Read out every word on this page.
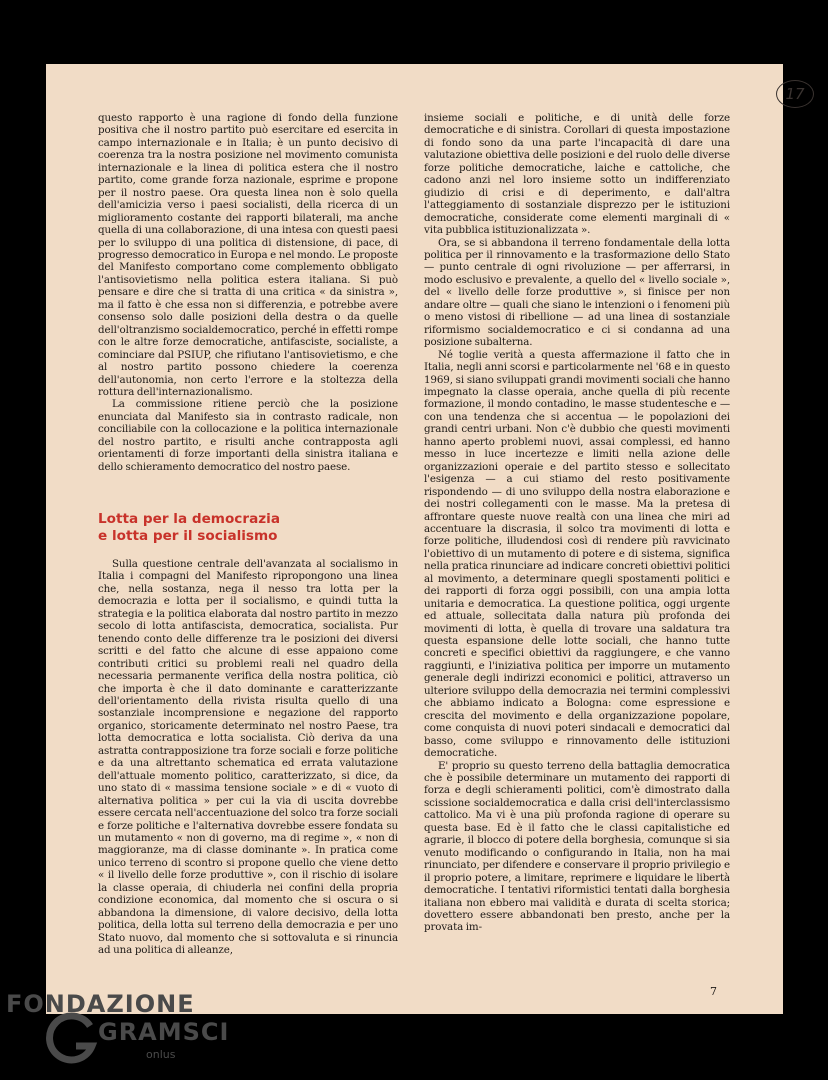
17

questo rapporto è una ragione di fondo della funzione positiva che il nostro partito può esercitare ed esercita in campo internazionale e in Italia; è un punto decisivo di coerenza tra la nostra posizione nel movimento comunista internazionale e la linea di politica estera che il nostro partito, come grande forza nazionale, esprime e propone per il nostro paese. Ora questa linea non è solo quella dell'amicizia verso i paesi socialisti, della ricerca di un miglioramento costante dei rapporti bilaterali, ma anche quella di una collaborazione, di una intesa con questi paesi per lo sviluppo di una politica di distensione, di pace, di progresso democratico in Europa e nel mondo. Le proposte del Manifesto comportano come complemento obbligato l'antisovietismo nella politica estera italiana. Si può pensare e dire che si tratta di una critica « da sinistra », ma il fatto è che essa non si differenzia, e potrebbe avere consenso solo dalle posizioni della destra o da quelle dell'oltranzismo socialdemocratico, perché in effetti rompe con le altre forze democratiche, antifasciste, socialiste, a cominciare dal PSIUP, che rifiutano l'antisovietismo, e che al nostro partito possono chiedere la coerenza dell'autonomia, non certo l'errore e la stoltezza della rottura dell'internazionalismo.

La commissione ritiene perciò che la posizione enunciata dal Manifesto sia in contrasto radicale, non conciliabile con la collocazione e la politica internazionale del nostro partito, e risulti anche contrapposta agli orientamenti di forze importanti della sinistra italiana e dello schieramento democratico del nostro paese.

Lotta per la democrazia
e lotta per il socialismo

Sulla questione centrale dell'avanzata al socialismo in Italia i compagni del Manifesto ripropongono una linea che, nella sostanza, nega il nesso tra lotta per la democrazia e lotta per il socialismo, e quindi tutta la strategia e la politica elaborata dal nostro partito in mezzo secolo di lotta antifascista, democratica, socialista. Pur tenendo conto delle differenze tra le posizioni dei diversi scritti e del fatto che alcune di esse appaiono come contributi critici su problemi reali nel quadro della necessaria permanente verifica della nostra politica, ciò che importa è che il dato dominante e caratterizzante dell'orientamento della rivista risulta quello di una sostanziale incomprensione e negazione del rapporto organico, storicamente determinato nel nostro Paese, tra lotta democratica e lotta socialista. Ciò deriva da una astratta contrapposizione tra forze sociali e forze politiche e da una altrettanto schematica ed errata valutazione dell'attuale momento politico, caratterizzato, si dice, da uno stato di « massima tensione sociale » e di « vuoto di alternativa politica » per cui la via di uscita dovrebbe essere cercata nell'accentuazione del solco tra forze sociali e forze politiche e l'alternativa dovrebbe essere fondata su un mutamento « non di governo, ma di regime », « non di maggioranze, ma di classe dominante ». In pratica come unico terreno di scontro si propone quello che viene detto « il livello delle forze produttive », con il rischio di isolare la classe operaia, di chiuderla nei confini della propria condizione economica, dal momento che si oscura o si abbandona la dimensione, di valore decisivo, della lotta politica, della lotta sul terreno della democrazia e per uno Stato nuovo, dal momento che si sottovaluta e si rinuncia ad una politica di alleanze,

insieme sociali e politiche, e di unità delle forze democratiche e di sinistra. Corollari di questa impostazione di fondo sono da una parte l'incapacità di dare una valutazione obiettiva delle posizioni e del ruolo delle diverse forze politiche democratiche, laiche e cattoliche, che cadono anzi nel loro insieme sotto un indifferenziato giudizio di crisi e di deperimento, e dall'altra l'atteggiamento di sostanziale disprezzo per le istituzioni democratiche, considerate come elementi marginali di « vita pubblica istituzionalizzata ».

Ora, se si abbandona il terreno fondamentale della lotta politica per il rinnovamento e la trasformazione dello Stato — punto centrale di ogni rivoluzione — per afferrarsi, in modo esclusivo e prevalente, a quello del « livello sociale », del « livello delle forze produttive », si finisce per non andare oltre — quali che siano le intenzioni o i fenomeni più o meno vistosi di ribellione — ad una linea di sostanziale riformismo socialdemocratico e ci si condanna ad una posizione subalterna.

Né toglie verità a questa affermazione il fatto che in Italia, negli anni scorsi e particolarmente nel '68 e in questo 1969, si siano sviluppati grandi movimenti sociali che hanno impegnato la classe operaia, anche quella di più recente formazione, il mondo contadino, le masse studentesche e — con una tendenza che si accentua — le popolazioni dei grandi centri urbani. Non c'è dubbio che questi movimenti hanno aperto problemi nuovi, assai complessi, ed hanno messo in luce incertezze e limiti nella azione delle organizzazioni operaie e del partito stesso e sollecitato l'esigenza — a cui stiamo del resto positivamente rispondendo — di uno sviluppo della nostra elaborazione e dei nostri collegamenti con le masse. Ma la pretesa di affrontare queste nuove realtà con una linea che miri ad accentuare la discrasia, il solco tra movimenti di lotta e forze politiche, illudendosi così di rendere più ravvicinato l'obiettivo di un mutamento di potere e di sistema, significa nella pratica rinunciare ad indicare concreti obiettivi politici al movimento, a determinare quegli spostamenti politici e dei rapporti di forza oggi possibili, con una ampia lotta unitaria e democratica. La questione politica, oggi urgente ed attuale, sollecitata dalla natura più profonda dei movimenti di lotta, è quella di trovare una saldatura tra questa espansione delle lotte sociali, che hanno tutte concreti e specifici obiettivi da raggiungere, e che vanno raggiunti, e l'iniziativa politica per imporre un mutamento generale degli indirizzi economici e politici, attraverso un ulteriore sviluppo della democrazia nei termini complessivi che abbiamo indicato a Bologna: come espressione e crescita del movimento e della organizzazione popolare, come conquista di nuovi poteri sindacali e democratici dal basso, come sviluppo e rinnovamento delle istituzioni democratiche.

E' proprio su questo terreno della battaglia democratica che è possibile determinare un mutamento dei rapporti di forza e degli schieramenti politici, com'è dimostrato dalla scissione socialdemocratica e dalla crisi dell'interclassismo cattolico. Ma vi è una più profonda ragione di operare su questa base. Ed è il fatto che le classi capitalistiche ed agrarie, il blocco di potere della borghesia, comunque si sia venuto modificando o configurando in Italia, non ha mai rinunciato, per difendere e conservare il proprio privilegio e il proprio potere, a limitare, reprimere e liquidare le libertà democratiche. I tentativi riformistici tentati dalla borghesia italiana non ebbero mai validità e durata di scelta storica; dovettero essere abbandonati ben presto, anche per la provata im-

7
FONDAZIONE
GRAMSCI
onlus
